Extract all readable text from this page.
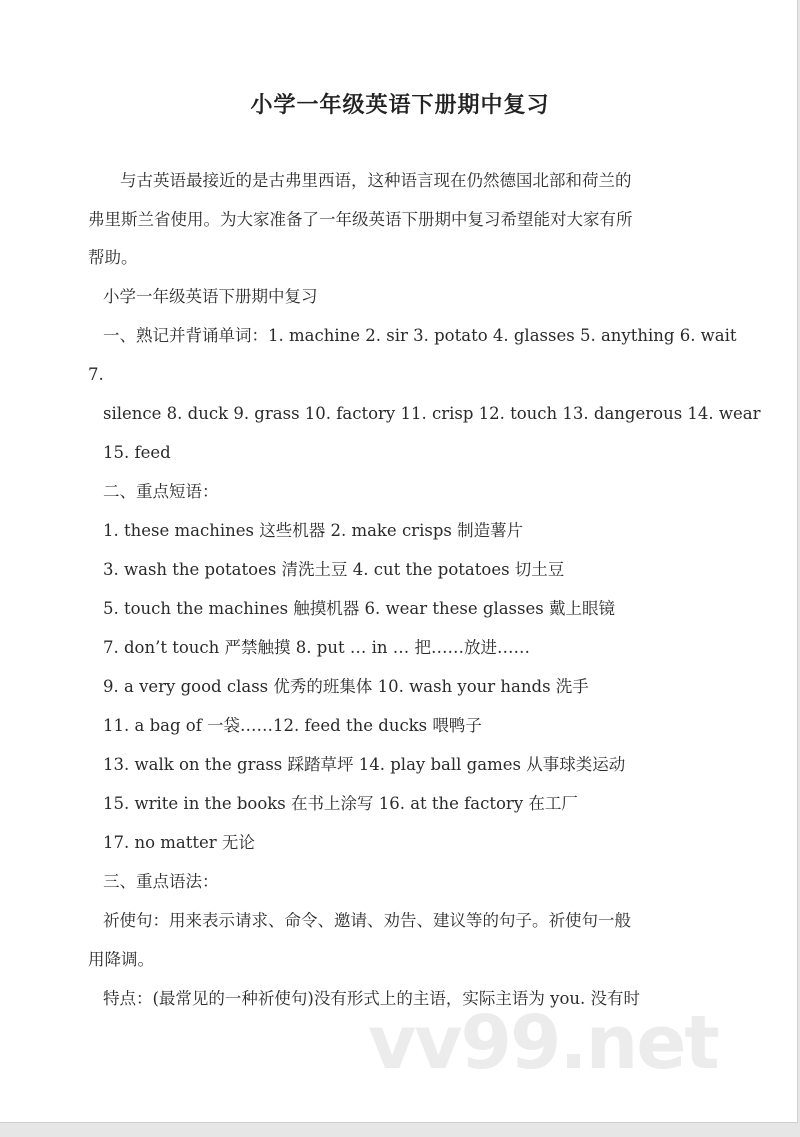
小学一年级英语下册期中复习
与古英语最接近的是古弗里西语，这种语言现在仍然德国北部和荷兰的
弗里斯兰省使用。为大家准备了一年级英语下册期中复习希望能对大家有所
帮助。
小学一年级英语下册期中复习
一、熟记并背诵单词：1. machine 2. sir 3. potato 4. glasses 5. anything 6. wait
7.
silence 8. duck 9. grass 10. factory 11. crisp 12. touch 13. dangerous 14. wear
15. feed
二、重点短语：
1. these machines 这些机器 2. make crisps 制造薯片
3. wash the potatoes 清洗土豆 4. cut the potatoes 切土豆
5. touch the machines 触摸机器 6. wear these glasses 戴上眼镜
7. don’t touch 严禁触摸 8. put … in … 把……放进……
9. a very good class 优秀的班集体 10. wash your hands 洗手
11. a bag of 一袋……12. feed the ducks 喂鸭子
13. walk on the grass 踩踏草坪 14. play ball games 从事球类运动
15. write in the books 在书上涂写 16. at the factory 在工厂
17. no matter 无论
三、重点语法：
祈使句：用来表示请求、命令、邀请、劝告、建议等的句子。祈使句一般
用降调。
特点：(最常见的一种祈使句)没有形式上的主语，实际主语为 you. 没有时
vv99.net
